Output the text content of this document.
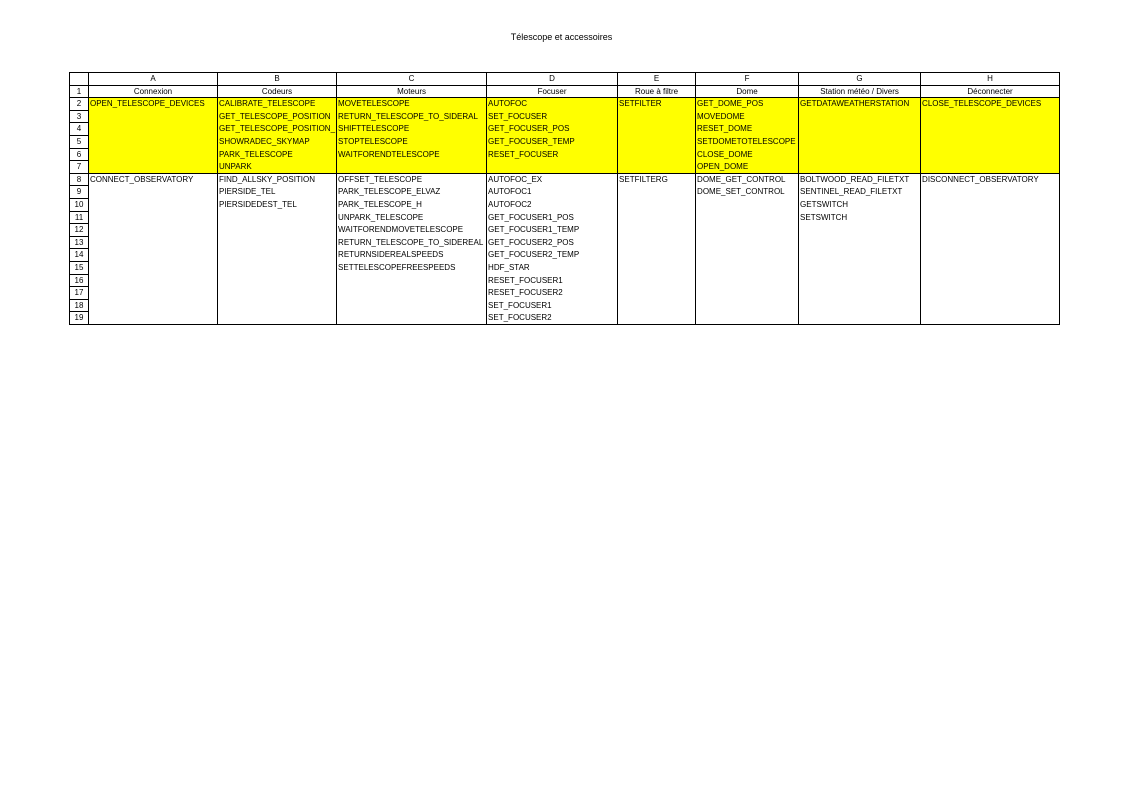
Télescope et accessoires
	A	B	C	D	E	F	G	H
1	Connexion	Codeurs	Moteurs	Focuser	Roue à filtre	Dome	Station météo / Divers	Déconnecter
2	OPEN_TELESCOPE_DEVICES	CALIBRATE_TELESCOPE	MOVETELESCOPE	AUTOFOC	SETFILTER	GET_DOME_POS	GETDATAWEATHERSTATION	CLOSE_TELESCOPE_DEVICES
3		GET_TELESCOPE_POSITION	RETURN_TELESCOPE_TO_SIDERAL	SET_FOCUSER		MOVEDOME		
4		GET_TELESCOPE_POSITION_	SHIFTTELESCOPE	GET_FOCUSER_POS		RESET_DOME		
5		SHOWRADEC_SKYMAP	STOPTELESCOPE	GET_FOCUSER_TEMP		SETDOMETOTELESCOPE		
6		PARK_TELESCOPE	WAITFORENDTELESCOPE	RESET_FOCUSER		CLOSE_DOME		
7		UNPARK				OPEN_DOME		
8	CONNECT_OBSERVATORY	FIND_ALLSKY_POSITION	OFFSET_TELESCOPE	AUTOFOC_EX	SETFILTERG	DOME_GET_CONTROL	BOLTWOOD_READ_FILETXT	DISCONNECT_OBSERVATORY
9		PIERSIDE_TEL	PARK_TELESCOPE_ELVAZ	AUTOFOC1		DOME_SET_CONTROL	SENTINEL_READ_FILETXT	
10		PIERSIDEDEST_TEL	PARK_TELESCOPE_H	AUTOFOC2			GETSWITCH	
11			UNPARK_TELESCOPE	GET_FOCUSER1_POS			SETSWITCH	
12			WAITFORENDMOVETELESCOPE	GET_FOCUSER1_TEMP				
13			RETURN_TELESCOPE_TO_SIDEREAL	GET_FOCUSER2_POS				
14			RETURNSIDEREALSPEEDS	GET_FOCUSER2_TEMP				
15			SETTELESCOPEFREESPEEDS	HDF_STAR				
16				RESET_FOCUSER1				
17				RESET_FOCUSER2				
18				SET_FOCUSER1				
19				SET_FOCUSER2				
